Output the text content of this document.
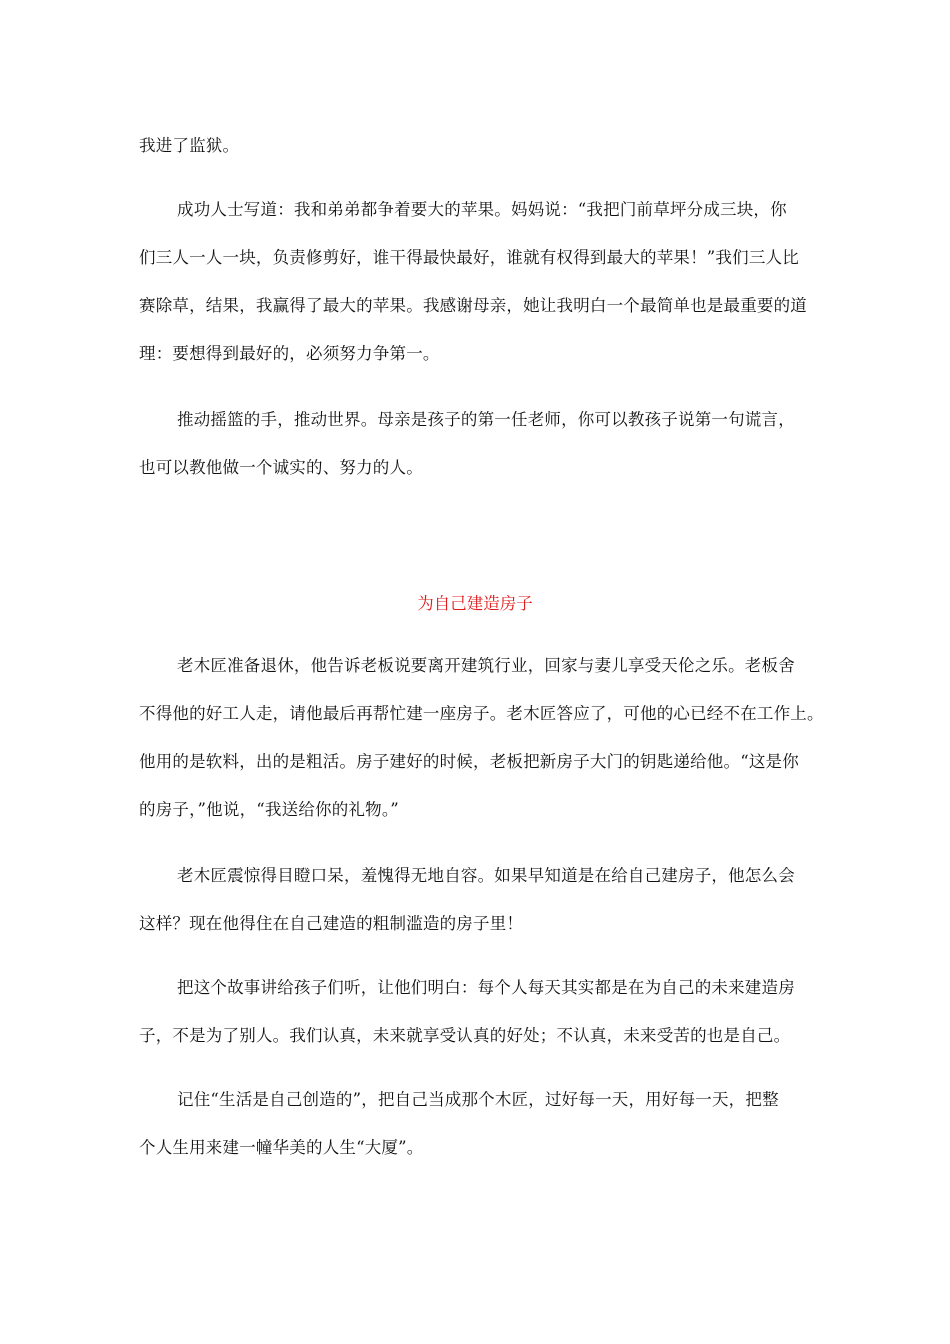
我进了监狱。
成功人士写道：我和弟弟都争着要大的苹果。妈妈说：“我把门前草坪分成三块，你
们三人一人一块，负责修剪好，谁干得最快最好，谁就有权得到最大的苹果！”我们三人比
赛除草，结果，我赢得了最大的苹果。我感谢母亲，她让我明白一个最简单也是最重要的道
理：要想得到最好的，必须努力争第一。
推动摇篮的手，推动世界。母亲是孩子的第一任老师，你可以教孩子说第一句谎言，
也可以教他做一个诚实的、努力的人。
为自己建造房子
老木匠准备退休，他告诉老板说要离开建筑行业，回家与妻儿享受天伦之乐。老板舍
不得他的好工人走，请他最后再帮忙建一座房子。老木匠答应了，可他的心已经不在工作上。
他用的是软料，出的是粗活。房子建好的时候，老板把新房子大门的钥匙递给他。“这是你
的房子，”他说，“我送给你的礼物。”
老木匠震惊得目瞪口呆，羞愧得无地自容。如果早知道是在给自己建房子，他怎么会
这样？现在他得住在自己建造的粗制滥造的房子里！
把这个故事讲给孩子们听，让他们明白：每个人每天其实都是在为自己的未来建造房
子，不是为了别人。我们认真，未来就享受认真的好处；不认真，未来受苦的也是自己。
记住“生活是自己创造的”，把自己当成那个木匠，过好每一天，用好每一天，把整
个人生用来建一幢华美的人生“大厦”。
